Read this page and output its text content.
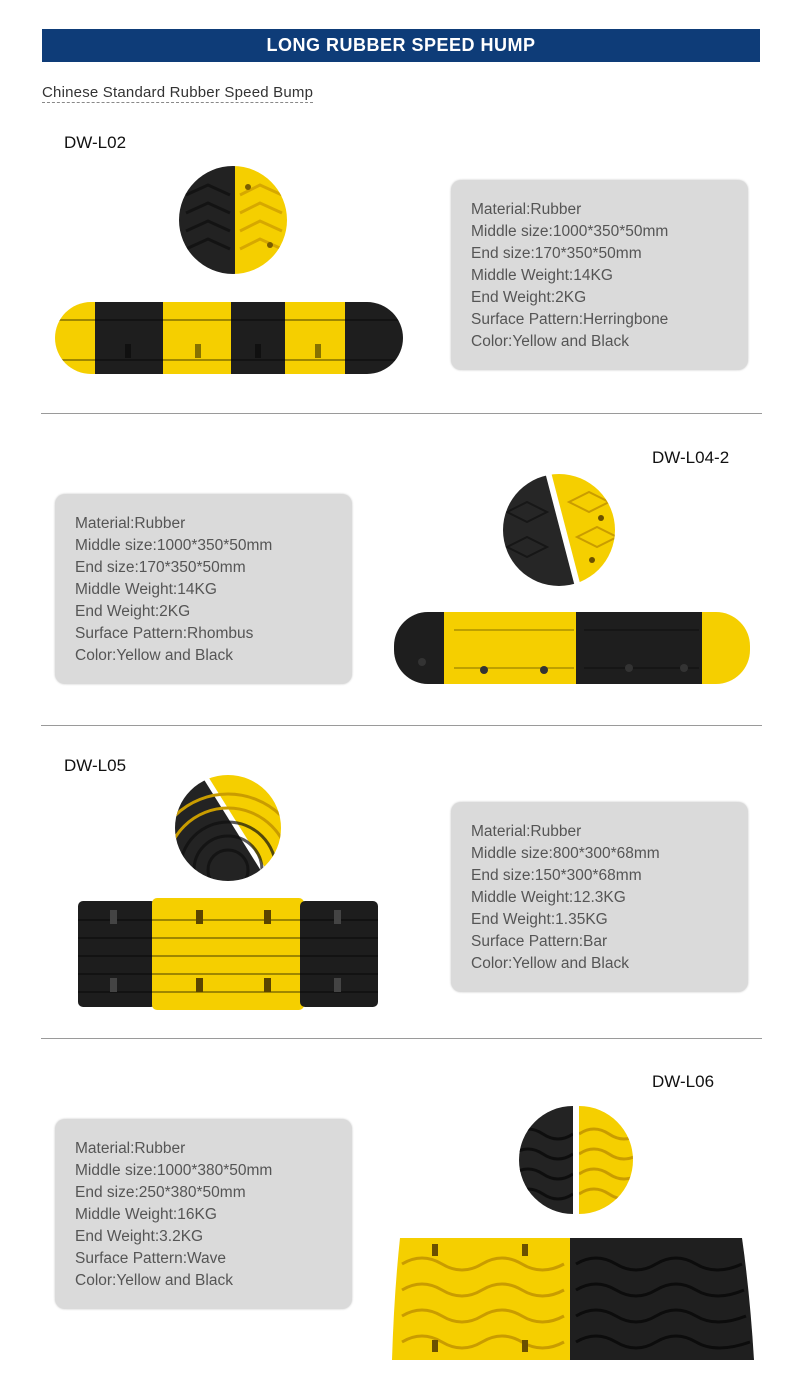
LONG RUBBER SPEED HUMP
Chinese Standard Rubber Speed Bump
DW-L02
Material:Rubber
Middle size:1000*350*50mm
End size:170*350*50mm
Middle Weight:14KG
End Weight:2KG
Surface Pattern:Herringbone
Color:Yellow and Black
DW-L04-2
Material:Rubber
Middle size:1000*350*50mm
End size:170*350*50mm
Middle Weight:14KG
End Weight:2KG
Surface Pattern:Rhombus
Color:Yellow and Black
DW-L05
Material:Rubber
Middle size:800*300*68mm
End size:150*300*68mm
Middle Weight:12.3KG
End Weight:1.35KG
Surface Pattern:Bar
Color:Yellow and Black
DW-L06
Material:Rubber
Middle size:1000*380*50mm
End size:250*380*50mm
Middle Weight:16KG
End Weight:3.2KG
Surface Pattern:Wave
Color:Yellow and Black
